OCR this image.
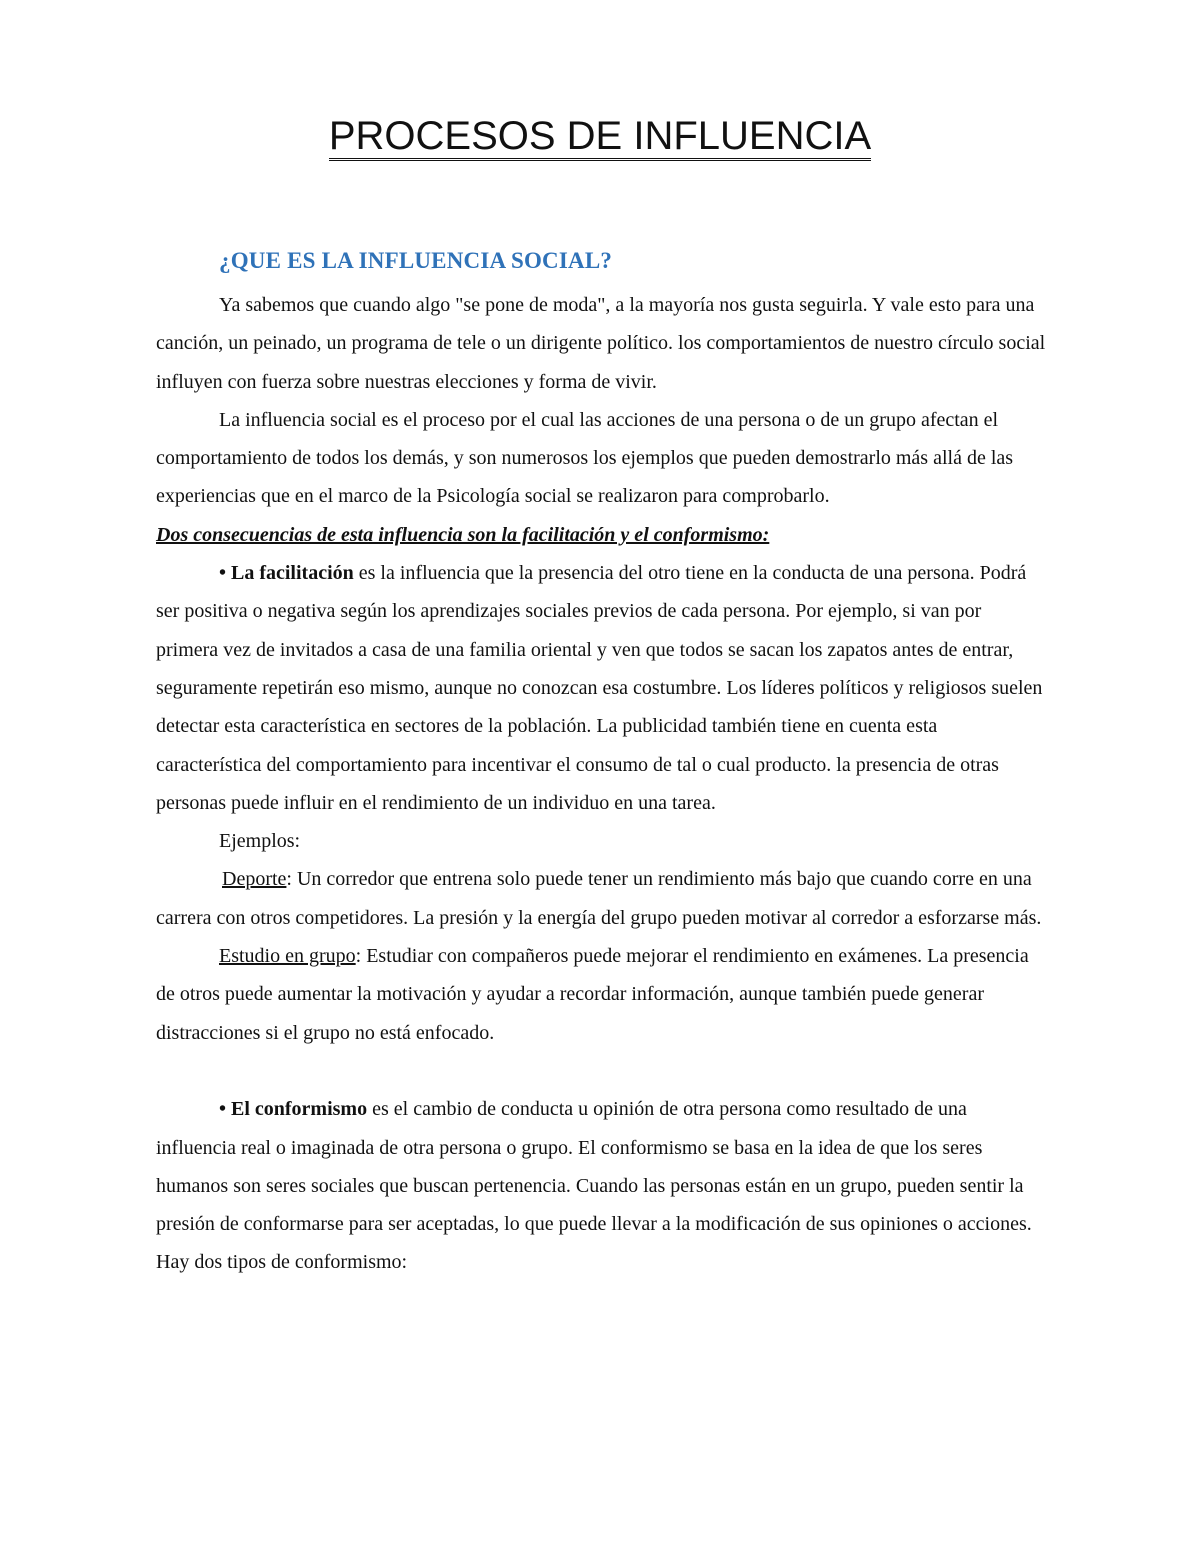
PROCESOS DE INFLUENCIA
¿QUE ES LA INFLUENCIA SOCIAL?

Ya sabemos que cuando algo "se pone de moda", a la mayoría nos gusta seguirla. Y vale esto para una canción, un peinado, un programa de tele o un dirigente político. los comportamientos de nuestro círculo social influyen con fuerza sobre nuestras elecciones y forma de vivir.

La influencia social es el proceso por el cual las acciones de una persona o de un grupo afectan el comportamiento de todos los demás, y son numerosos los ejemplos que pueden demostrarlo más allá de las experiencias que en el marco de la Psicología social se realizaron para comprobarlo.

Dos consecuencias de esta influencia son la facilitación y el conformismo:

• La facilitación es la influencia que la presencia del otro tiene en la conducta de una persona. Podrá ser positiva o negativa según los aprendizajes sociales previos de cada persona. Por ejemplo, si van por primera vez de invitados a casa de una familia oriental y ven que todos se sacan los zapatos antes de entrar, seguramente repetirán eso mismo, aunque no conozcan esa costumbre. Los líderes políticos y religiosos suelen detectar esta característica en sectores de la población. La publicidad también tiene en cuenta esta característica del comportamiento para incentivar el consumo de tal o cual producto. la presencia de otras personas puede influir en el rendimiento de un individuo en una tarea.

Ejemplos:

Deporte: Un corredor que entrena solo puede tener un rendimiento más bajo que cuando corre en una carrera con otros competidores. La presión y la energía del grupo pueden motivar al corredor a esforzarse más.

Estudio en grupo: Estudiar con compañeros puede mejorar el rendimiento en exámenes. La presencia de otros puede aumentar la motivación y ayudar a recordar información, aunque también puede generar distracciones si el grupo no está enfocado.

• El conformismo es el cambio de conducta u opinión de otra persona como resultado de una influencia real o imaginada de otra persona o grupo. El conformismo se basa en la idea de que los seres humanos son seres sociales que buscan pertenencia. Cuando las personas están en un grupo, pueden sentir la presión de conformarse para ser aceptadas, lo que puede llevar a la modificación de sus opiniones o acciones. Hay dos tipos de conformismo:
